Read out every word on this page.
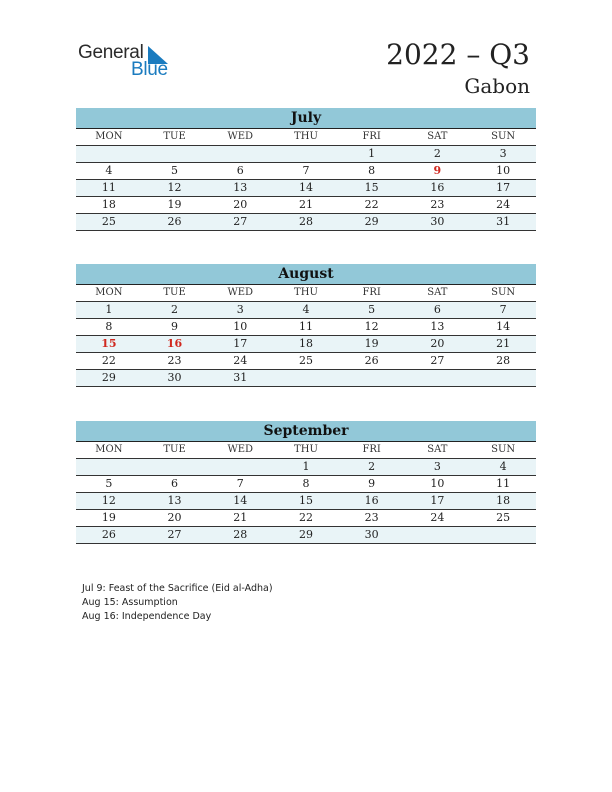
General
Blue	2022 – Q3
Gabon
July
MON	TUE	WED	THU	FRI	SAT	SUN
				1	2	3
4	5	6	7	8	9	10
11	12	13	14	15	16	17
18	19	20	21	22	23	24
25	26	27	28	29	30	31
August
MON	TUE	WED	THU	FRI	SAT	SUN
1	2	3	4	5	6	7
8	9	10	11	12	13	14
15	16	17	18	19	20	21
22	23	24	25	26	27	28
29	30	31				
September
MON	TUE	WED	THU	FRI	SAT	SUN
			1	2	3	4
5	6	7	8	9	10	11
12	13	14	15	16	17	18
19	20	21	22	23	24	25
26	27	28	29	30		
Jul 9: Feast of the Sacrifice (Eid al-Adha)
Aug 15: Assumption
Aug 16: Independence Day
